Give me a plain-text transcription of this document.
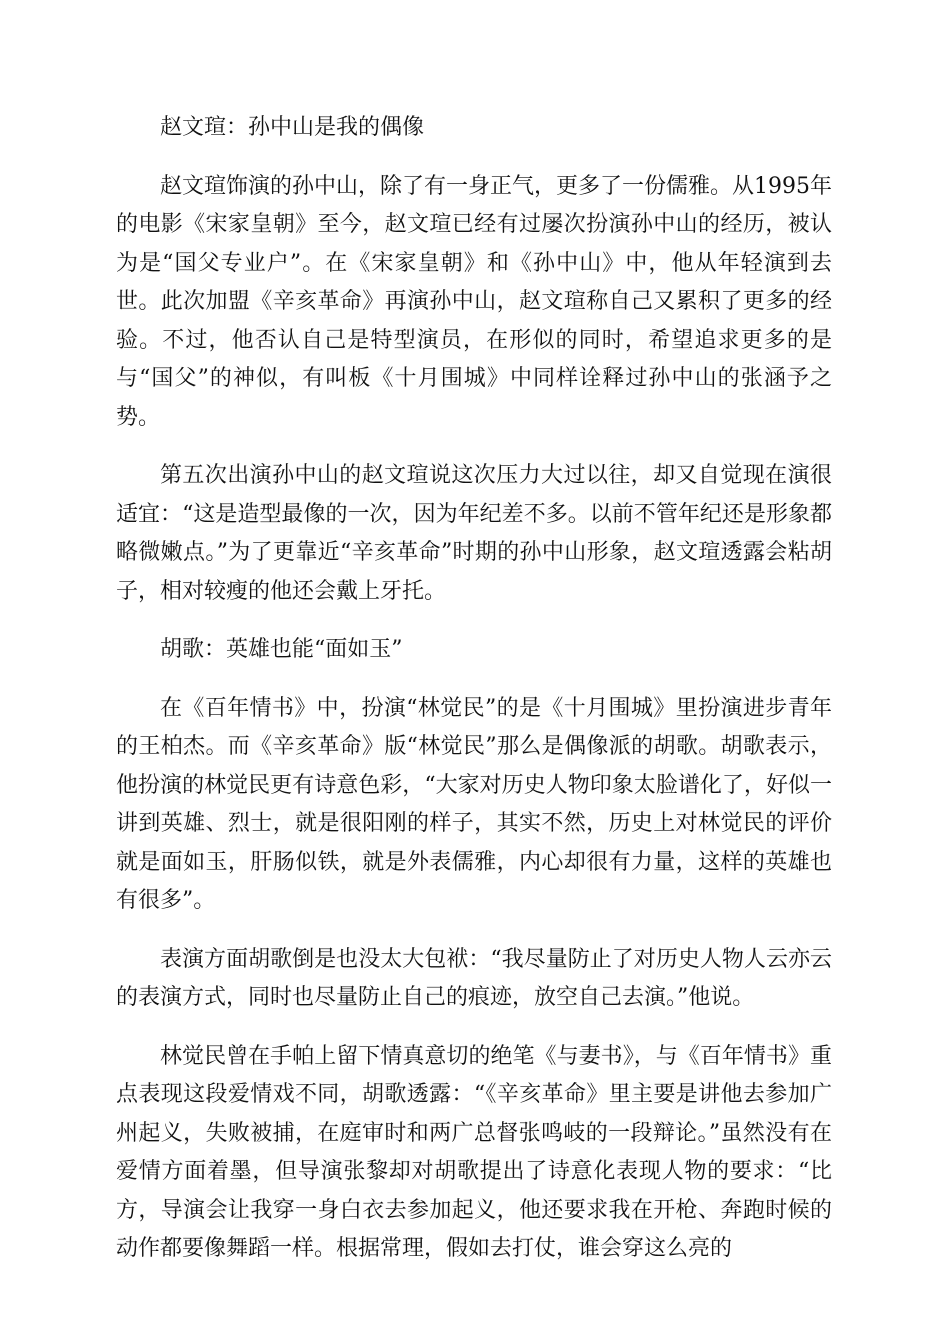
赵文瑄：孙中山是我的偶像

赵文瑄饰演的孙中山，除了有一身正气，更多了一份儒雅。从1995年的电影《宋家皇朝》至今，赵文瑄已经有过屡次扮演孙中山的经历，被认为是“国父专业户”。在《宋家皇朝》和《孙中山》中，他从年轻演到去世。此次加盟《辛亥革命》再演孙中山，赵文瑄称自己又累积了更多的经验。不过，他否认自己是特型演员，在形似的同时，希望追求更多的是与“国父”的神似，有叫板《十月围城》中同样诠释过孙中山的张涵予之势。

第五次出演孙中山的赵文瑄说这次压力大过以往，却又自觉现在演很适宜：“这是造型最像的一次，因为年纪差不多。以前不管年纪还是形象都略微嫩点。”为了更靠近“辛亥革命”时期的孙中山形象，赵文瑄透露会粘胡子，相对较瘦的他还会戴上牙托。

胡歌：英雄也能“面如玉”

在《百年情书》中，扮演“林觉民”的是《十月围城》里扮演进步青年的王柏杰。而《辛亥革命》版“林觉民”那么是偶像派的胡歌。胡歌表示，他扮演的林觉民更有诗意色彩，“大家对历史人物印象太脸谱化了，好似一讲到英雄、烈士，就是很阳刚的样子，其实不然，历史上对林觉民的评价就是面如玉，肝肠似铁，就是外表儒雅，内心却很有力量，这样的英雄也有很多”。

表演方面胡歌倒是也没太大包袱：“我尽量防止了对历史人物人云亦云的表演方式，同时也尽量防止自己的痕迹，放空自己去演。”他说。

林觉民曾在手帕上留下情真意切的绝笔《与妻书》，与《百年情书》重点表现这段爱情戏不同，胡歌透露：“《辛亥革命》里主要是讲他去参加广州起义，失败被捕，在庭审时和两广总督张鸣岐的一段辩论。”虽然没有在爱情方面着墨，但导演张黎却对胡歌提出了诗意化表现人物的要求：“比方，导演会让我穿一身白衣去参加起义，他还要求我在开枪、奔跑时候的动作都要像舞蹈一样。根据常理，假如去打仗，谁会穿这么亮的
